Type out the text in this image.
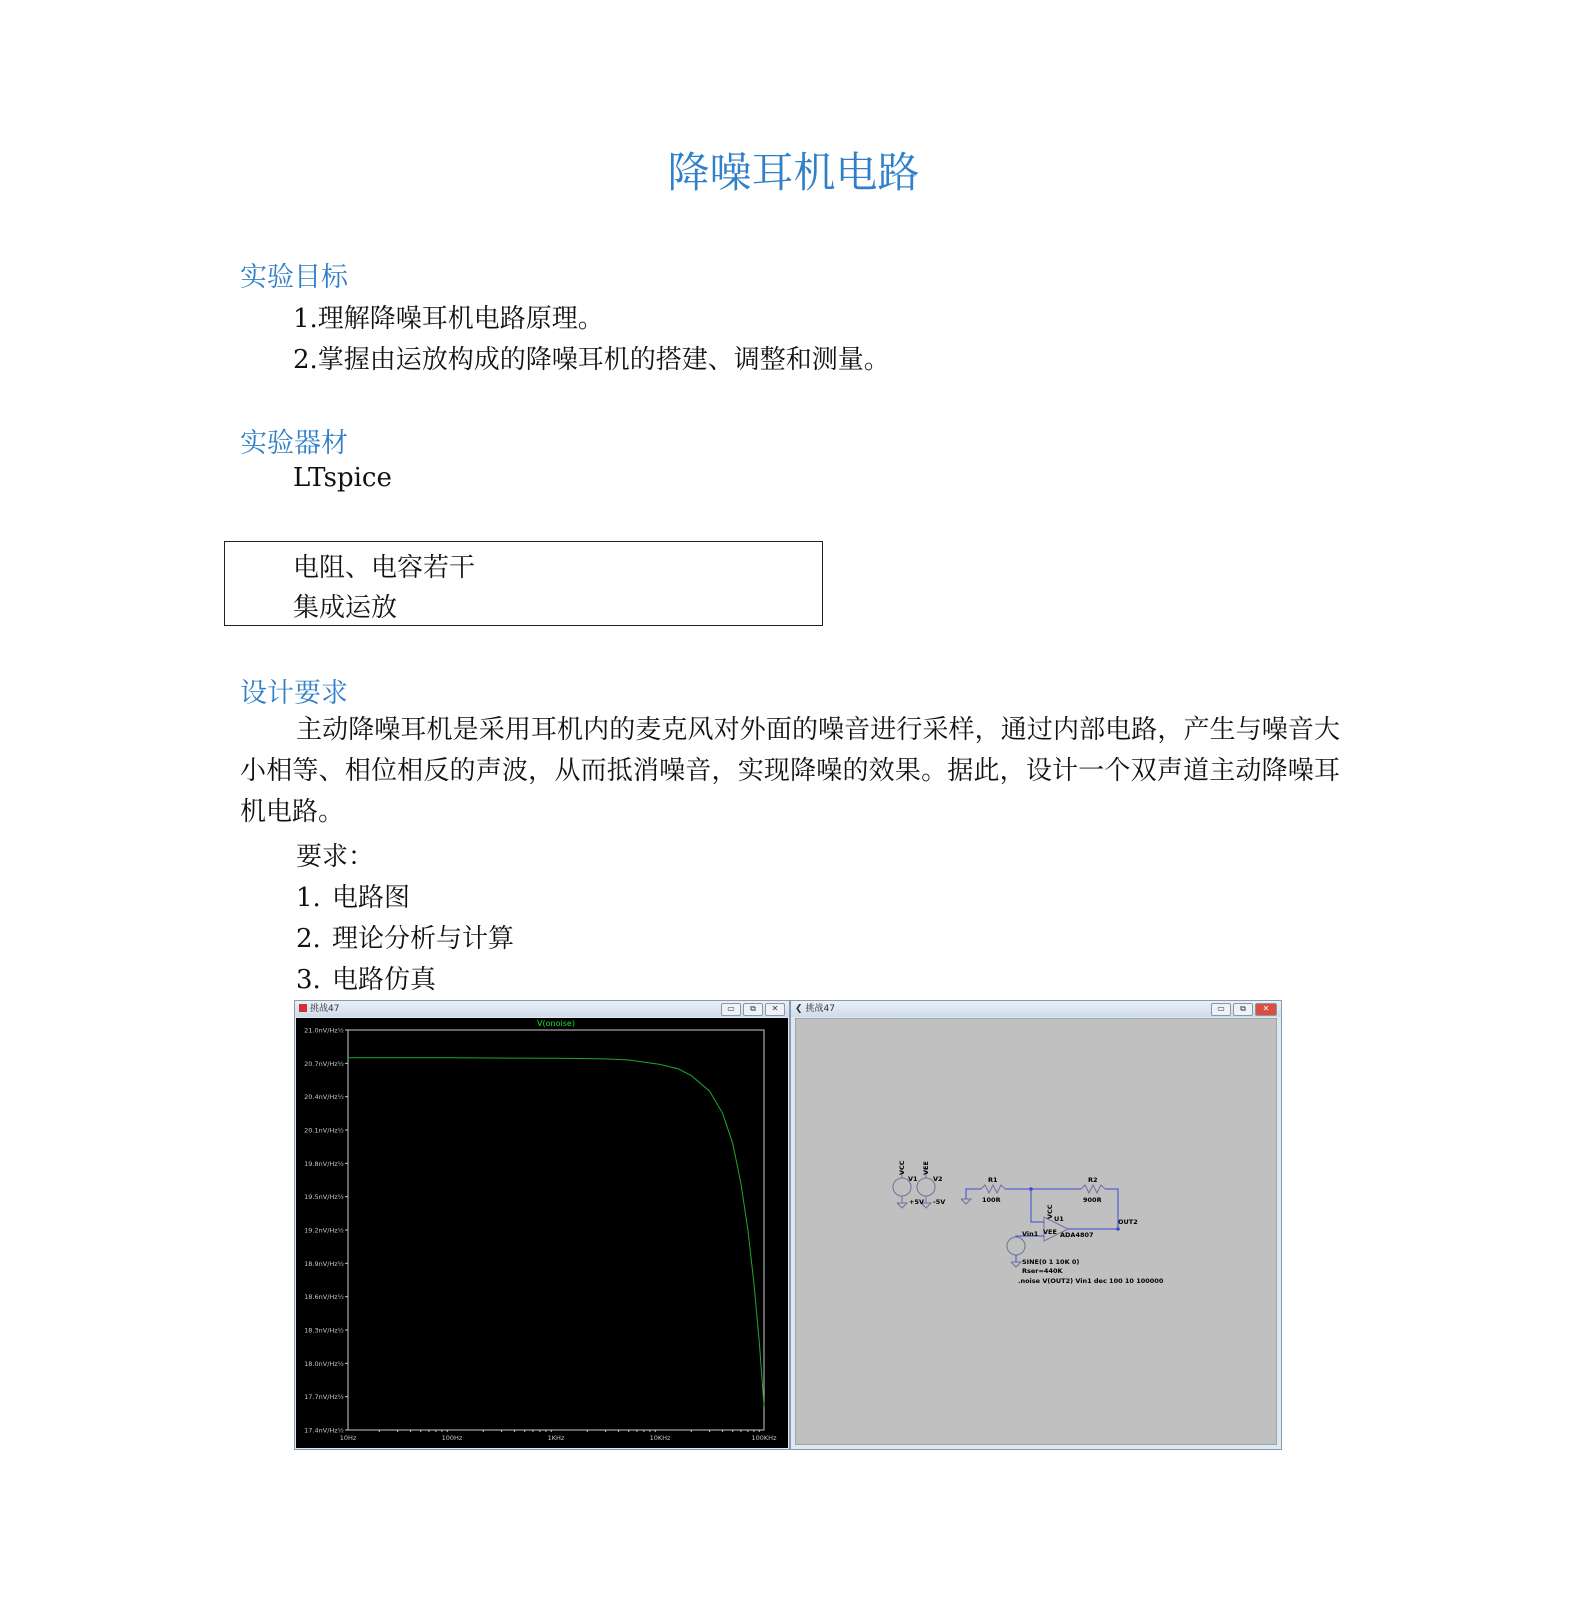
降噪耳机电路
实验目标
1.理解降噪耳机电路原理。
2.掌握由运放构成的降噪耳机的搭建、调整和测量。
实验器材
LTspice
电阻、电容若干
集成运放
设计要求
主动降噪耳机是采用耳机内的麦克风对外面的噪音进行采样，通过内部电路，产生与噪音大小相等、相位相反的声波，从而抵消噪音，实现降噪的效果。据此，设计一个双声道主动降噪耳机电路。
要求：
1. 电路图
2. 理论分析与计算
3. 电路仿真
挑战47	▭	⧉	✕
V(onoise)
21.0nV/Hz½
20.7nV/Hz½
20.4nV/Hz½
20.1nV/Hz½
19.8nV/Hz½
19.5nV/Hz½
19.2nV/Hz½
18.9nV/Hz½
18.6nV/Hz½
18.3nV/Hz½
18.0nV/Hz½
17.7nV/Hz½
17.4nV/Hz½
10Hz	100Hz	1KHz	10KHz	100KHz
❮ 挑战47	▭	⧉	✕
VCC VEE
V1 V2
+5V -5V
R1
100R
R2
900R
VCC U1
VEE ADA4807
OUT2
Vin1
SINE(0 1 10K 0)
Rser=440K
.noise V(OUT2) Vin1 dec 100 10 100000
